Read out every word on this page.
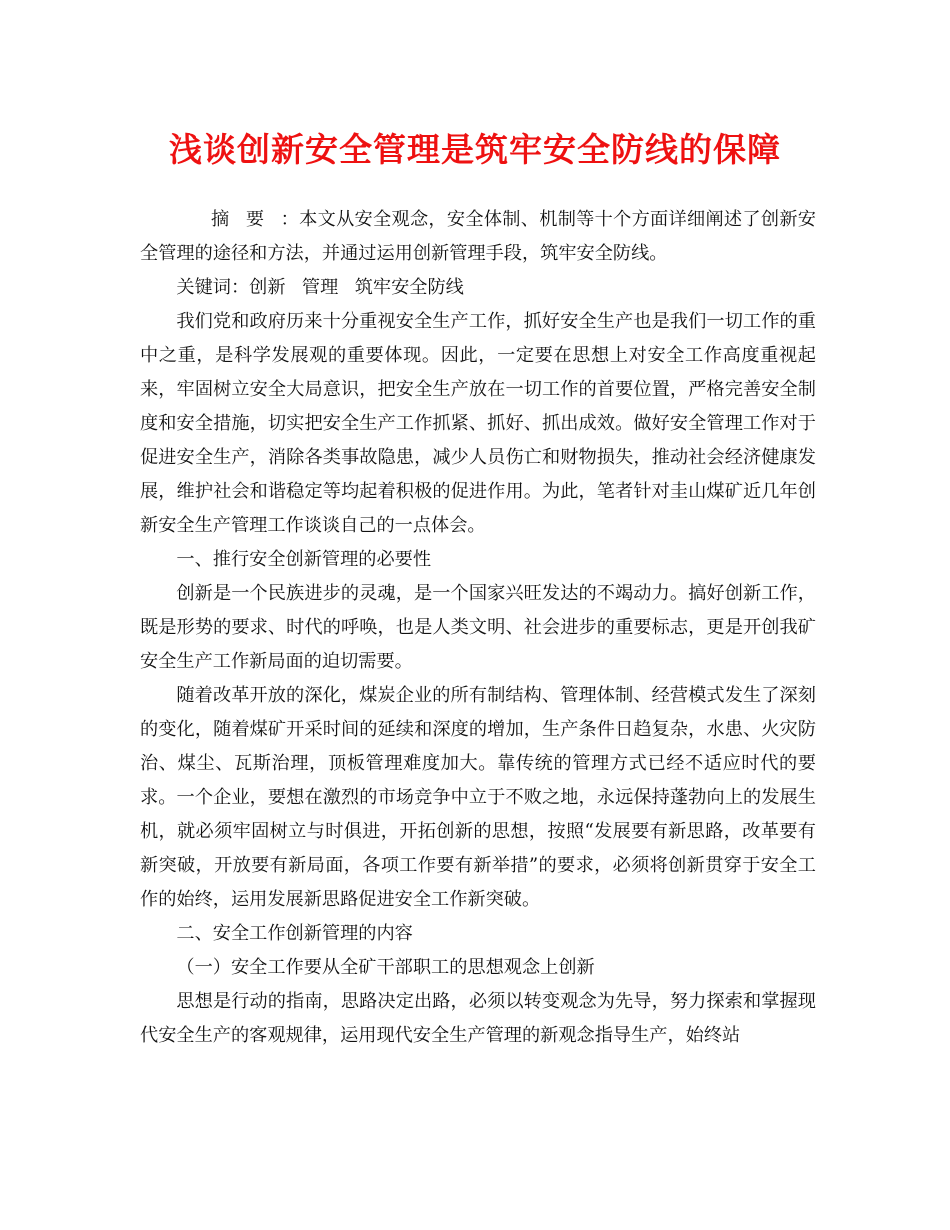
浅谈创新安全管理是筑牢安全防线的保障

摘要：本文从安全观念，安全体制、机制等十个方面详细阐述了创新安全管理的途径和方法，并通过运用创新管理手段，筑牢安全防线。

关键词：创新 管理 筑牢安全防线

我们党和政府历来十分重视安全生产工作，抓好安全生产也是我们一切工作的重中之重，是科学发展观的重要体现。因此，一定要在思想上对安全工作高度重视起来，牢固树立安全大局意识，把安全生产放在一切工作的首要位置，严格完善安全制度和安全措施，切实把安全生产工作抓紧、抓好、抓出成效。做好安全管理工作对于促进安全生产，消除各类事故隐患，减少人员伤亡和财物损失，推动社会经济健康发展，维护社会和谐稳定等均起着积极的促进作用。为此，笔者针对圭山煤矿近几年创新安全生产管理工作谈谈自己的一点体会。

一、推行安全创新管理的必要性

创新是一个民族进步的灵魂，是一个国家兴旺发达的不竭动力。搞好创新工作，既是形势的要求、时代的呼唤，也是人类文明、社会进步的重要标志，更是开创我矿安全生产工作新局面的迫切需要。

随着改革开放的深化，煤炭企业的所有制结构、管理体制、经营模式发生了深刻的变化，随着煤矿开采时间的延续和深度的增加，生产条件日趋复杂，水患、火灾防治、煤尘、瓦斯治理，顶板管理难度加大。靠传统的管理方式已经不适应时代的要求。一个企业，要想在激烈的市场竞争中立于不败之地，永远保持蓬勃向上的发展生机，就必须牢固树立与时俱进，开拓创新的思想，按照“发展要有新思路，改革要有新突破，开放要有新局面，各项工作要有新举措”的要求，必须将创新贯穿于安全工作的始终，运用发展新思路促进安全工作新突破。

二、安全工作创新管理的内容

（一）安全工作要从全矿干部职工的思想观念上创新

思想是行动的指南，思路决定出路，必须以转变观念为先导，努力探索和掌握现代安全生产的客观规律，运用现代安全生产管理的新观念指导生产，始终站
